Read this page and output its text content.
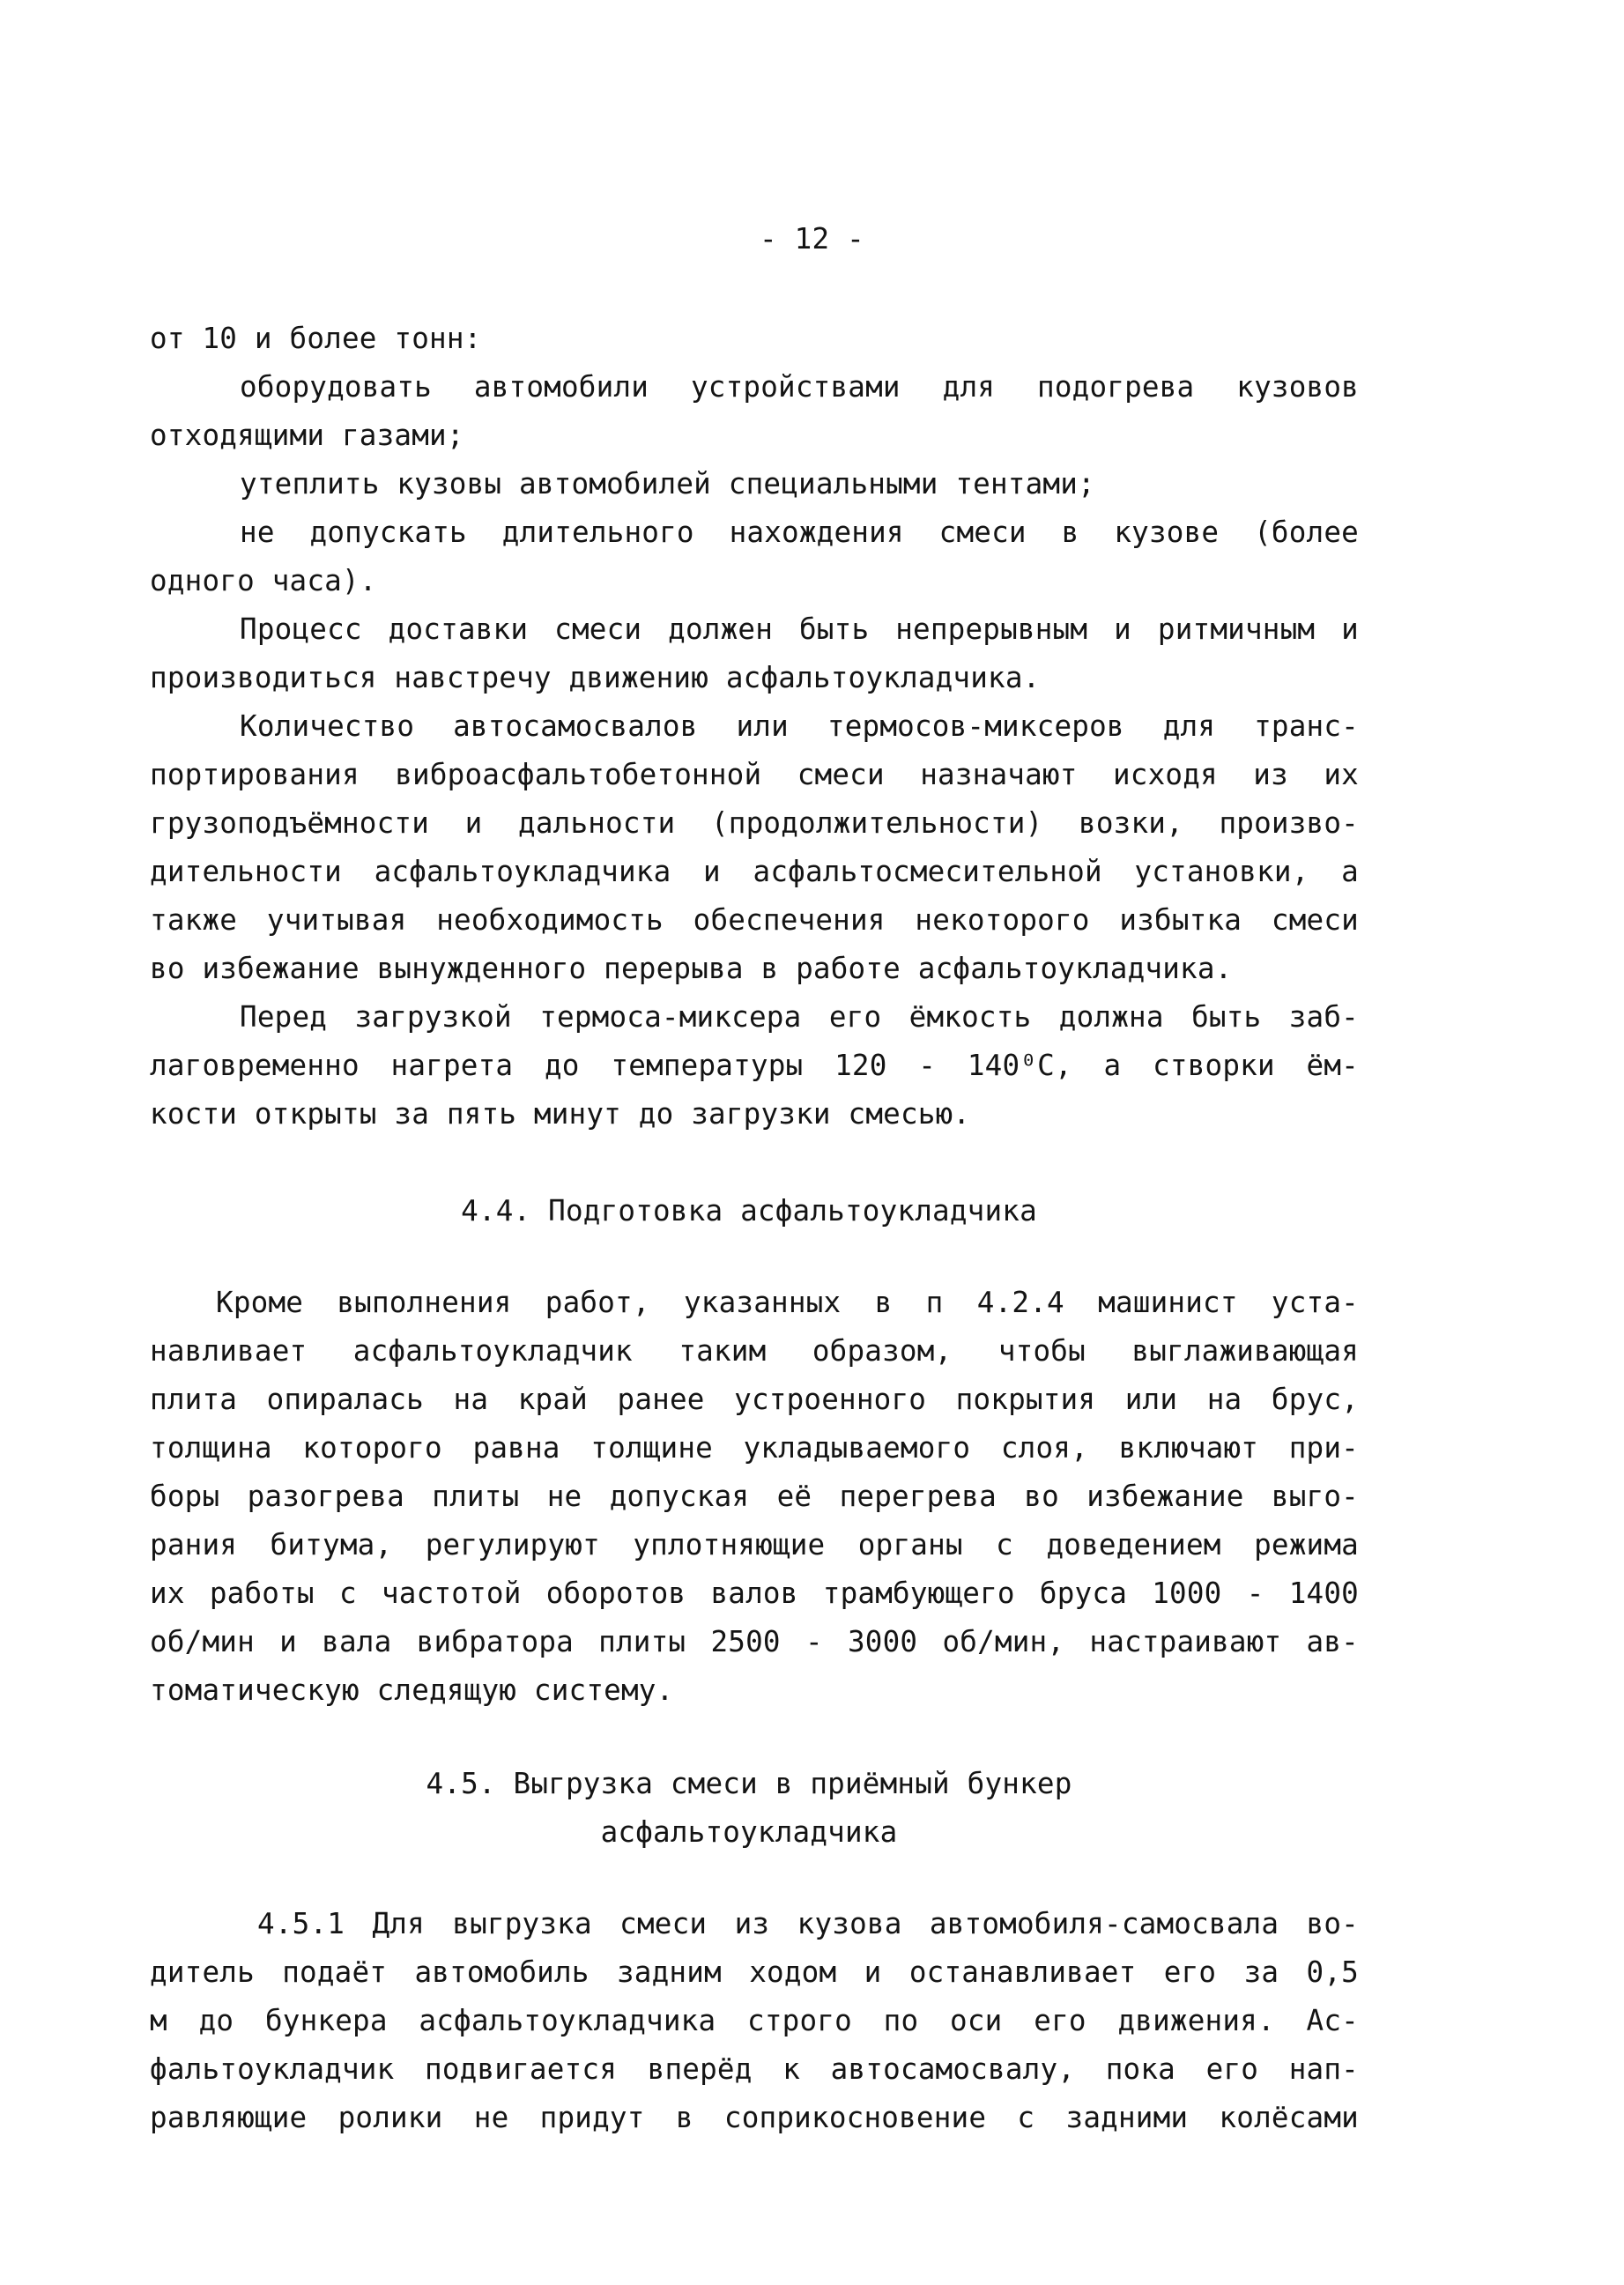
- 12 -
от 10 и более тонн:
оборудовать автомобили устройствами для подогрева кузовов
отходящими газами;
утеплить кузовы автомобилей специальными тентами;
не допускать длительного нахождения смеси в кузове (более
одного часа).
Процесс доставки смеси должен быть непрерывным и ритмичным и
производиться навстречу движению асфальтоукладчика.
Количество автосамосвалов или термосов-миксеров для транс-
портирования виброасфальтобетонной смеси назначают исходя из их
грузоподъёмности и дальности (продолжительности) возки, произво-
дительности асфальтоукладчика и асфальтосмесительной установки, а
также учитывая необходимость обеспечения некоторого избытка смеси
во избежание вынужденного перерыва в работе асфальтоукладчика.
Перед загрузкой термоса-миксера его ёмкость должна быть заб-
лаговременно нагрета до температуры 120 - 140⁰С, а створки ём-
кости открыты за пять минут до загрузки смесью.
4.4. Подготовка асфальтоукладчика
Кроме выполнения работ, указанных в п 4.2.4 машинист уста-
навливает асфальтоукладчик таким образом, чтобы выглаживающая
плита опиралась на край ранее устроенного покрытия или на брус,
толщина которого равна толщине укладываемого слоя, включают при-
боры разогрева плиты не допуская её перегрева во избежание выго-
рания битума, регулируют уплотняющие органы с доведением режима
их работы с частотой оборотов валов трамбующего бруса 1000 - 1400
об/мин и вала вибратора плиты 2500 - 3000 об/мин, настраивают ав-
томатическую следящую систему.
4.5. Выгрузка смеси в приёмный бункер
асфальтоукладчика
4.5.1 Для выгрузка смеси из кузова автомобиля-самосвала во-
дитель подаёт автомобиль задним ходом и останавливает его за 0,5
м до бункера асфальтоукладчика строго по оси его движения. Ас-
фальтоукладчик подвигается вперёд к автосамосвалу, пока его нап-
равляющие ролики не придут в соприкосновение с задними колёсами
